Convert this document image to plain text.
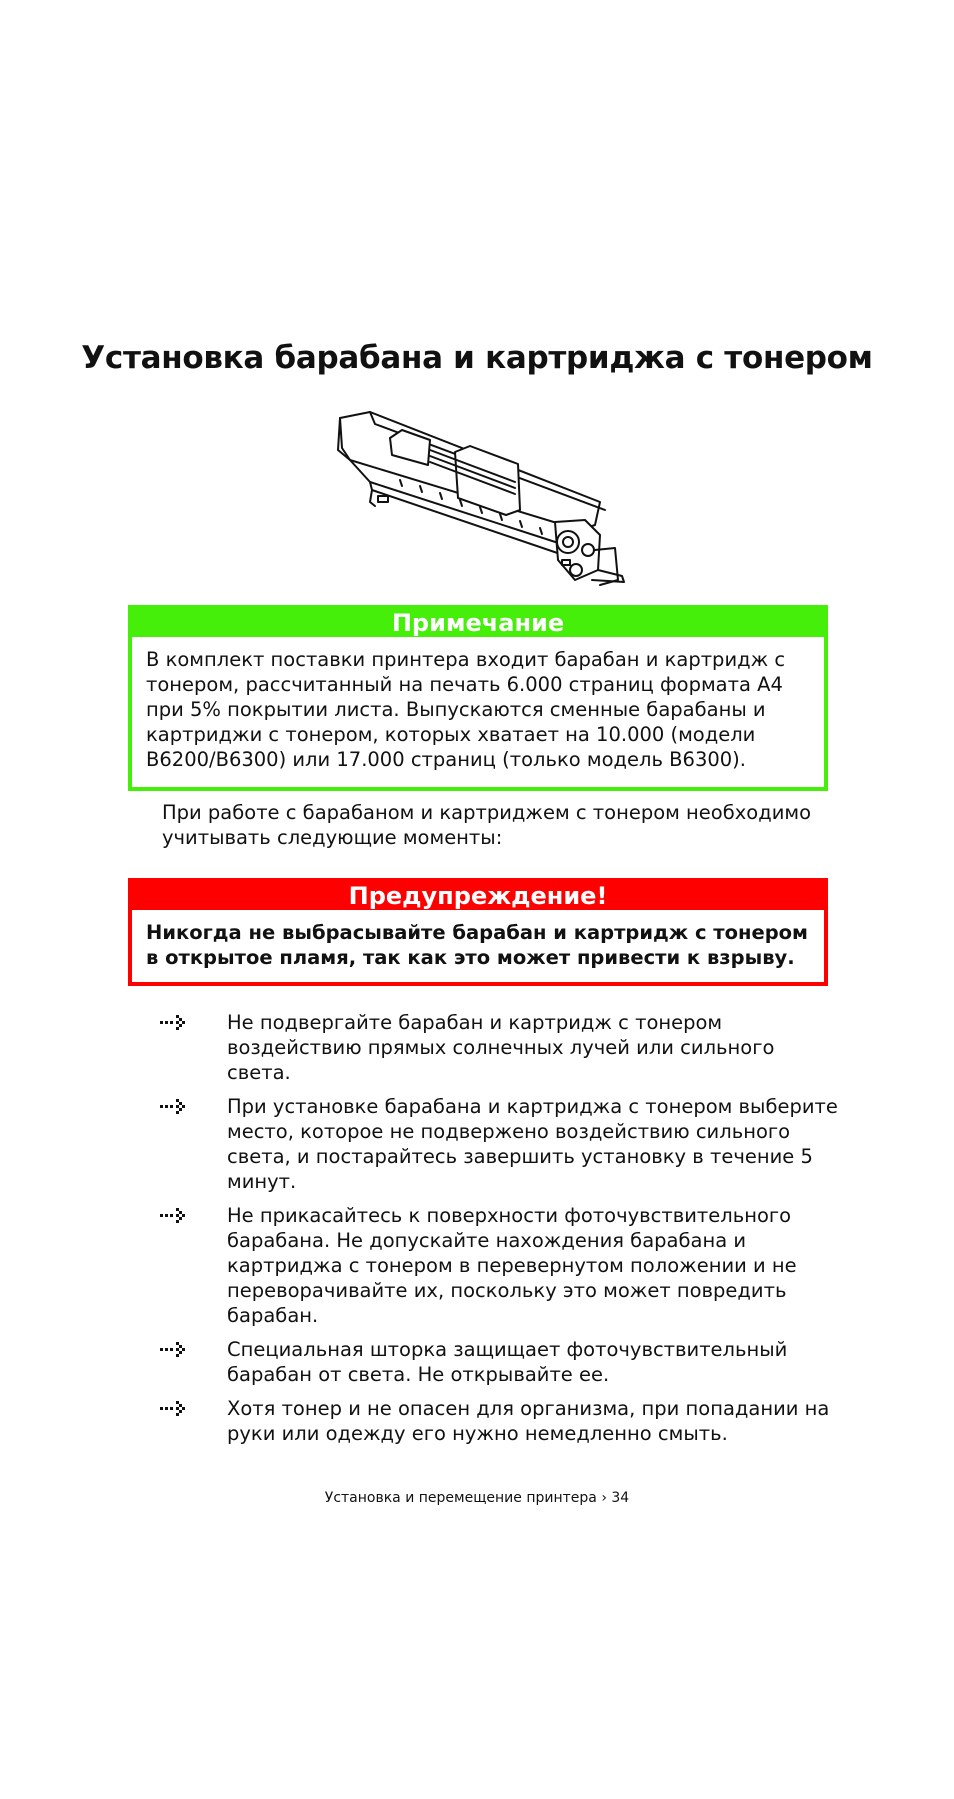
Установка барабана и картриджа с тонером
Примечание
В комплект поставки принтера входит барабан и картридж с тонером, рассчитанный на печать 6.000 страниц формата А4 при 5% покрытии листа. Выпускаются сменные барабаны и картриджи с тонером, которых хватает на 10.000 (модели B6200/B6300) или 17.000 страниц (только модель B6300).
При работе с барабаном и картриджем с тонером необходимо учитывать следующие моменты:
Предупреждение!
Никогда не выбрасывайте барабан и картридж с тонером в открытое пламя, так как это может привести к взрыву.
Не подвергайте барабан и картридж с тонером воздействию прямых солнечных лучей или сильного света.
При установке барабана и картриджа с тонером выберите место, которое не подвержено воздействию сильного света, и постарайтесь завершить установку в течение 5 минут.
Не прикасайтесь к поверхности фоточувствительного барабана. Не допускайте нахождения барабана и картриджа с тонером в перевернутом положении и не переворачивайте их, поскольку это может повредить барабан.
Специальная шторка защищает фоточувствительный барабан от света. Не открывайте ее.
Хотя тонер и не опасен для организма, при попадании на руки или одежду его нужно немедленно смыть.
Установка и перемещение принтера › 34
